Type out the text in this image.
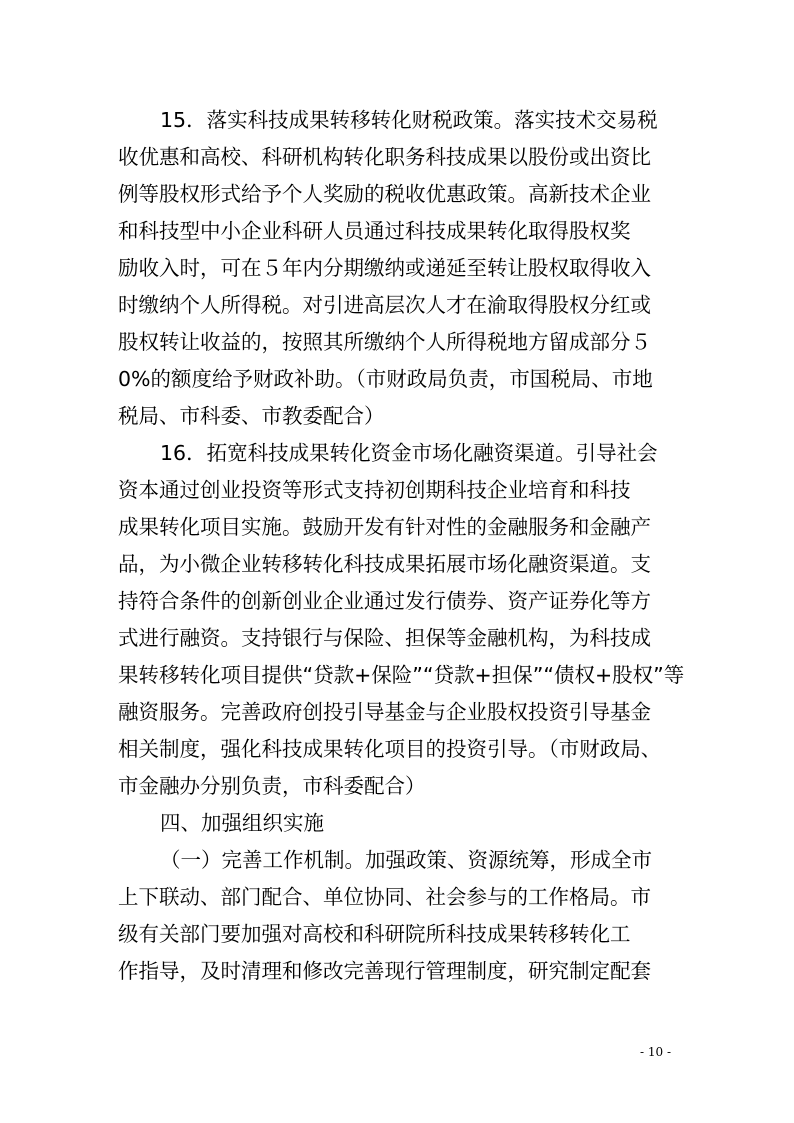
15．落实科技成果转移转化财税政策。落实技术交易税
收优惠和高校、科研机构转化职务科技成果以股份或出资比
例等股权形式给予个人奖励的税收优惠政策。高新技术企业
和科技型中小企业科研人员通过科技成果转化取得股权奖
励收入时，可在５年内分期缴纳或递延至转让股权取得收入
时缴纳个人所得税。对引进高层次人才在渝取得股权分红或
股权转让收益的，按照其所缴纳个人所得税地方留成部分５
0%的额度给予财政补助。（市财政局负责，市国税局、市地
税局、市科委、市教委配合）
16．拓宽科技成果转化资金市场化融资渠道。引导社会
资本通过创业投资等形式支持初创期科技企业培育和科技
成果转化项目实施。鼓励开发有针对性的金融服务和金融产
品，为小微企业转移转化科技成果拓展市场化融资渠道。支
持符合条件的创新创业企业通过发行债券、资产证券化等方
式进行融资。支持银行与保险、担保等金融机构，为科技成
果转移转化项目提供“贷款+保险”“贷款+担保”“债权+股权”等
融资服务。完善政府创投引导基金与企业股权投资引导基金
相关制度，强化科技成果转化项目的投资引导。（市财政局、
市金融办分别负责，市科委配合）
四、加强组织实施
（一）完善工作机制。加强政策、资源统筹，形成全市
上下联动、部门配合、单位协同、社会参与的工作格局。市
级有关部门要加强对高校和科研院所科技成果转移转化工
作指导，及时清理和修改完善现行管理制度，研究制定配套
- 10 -
